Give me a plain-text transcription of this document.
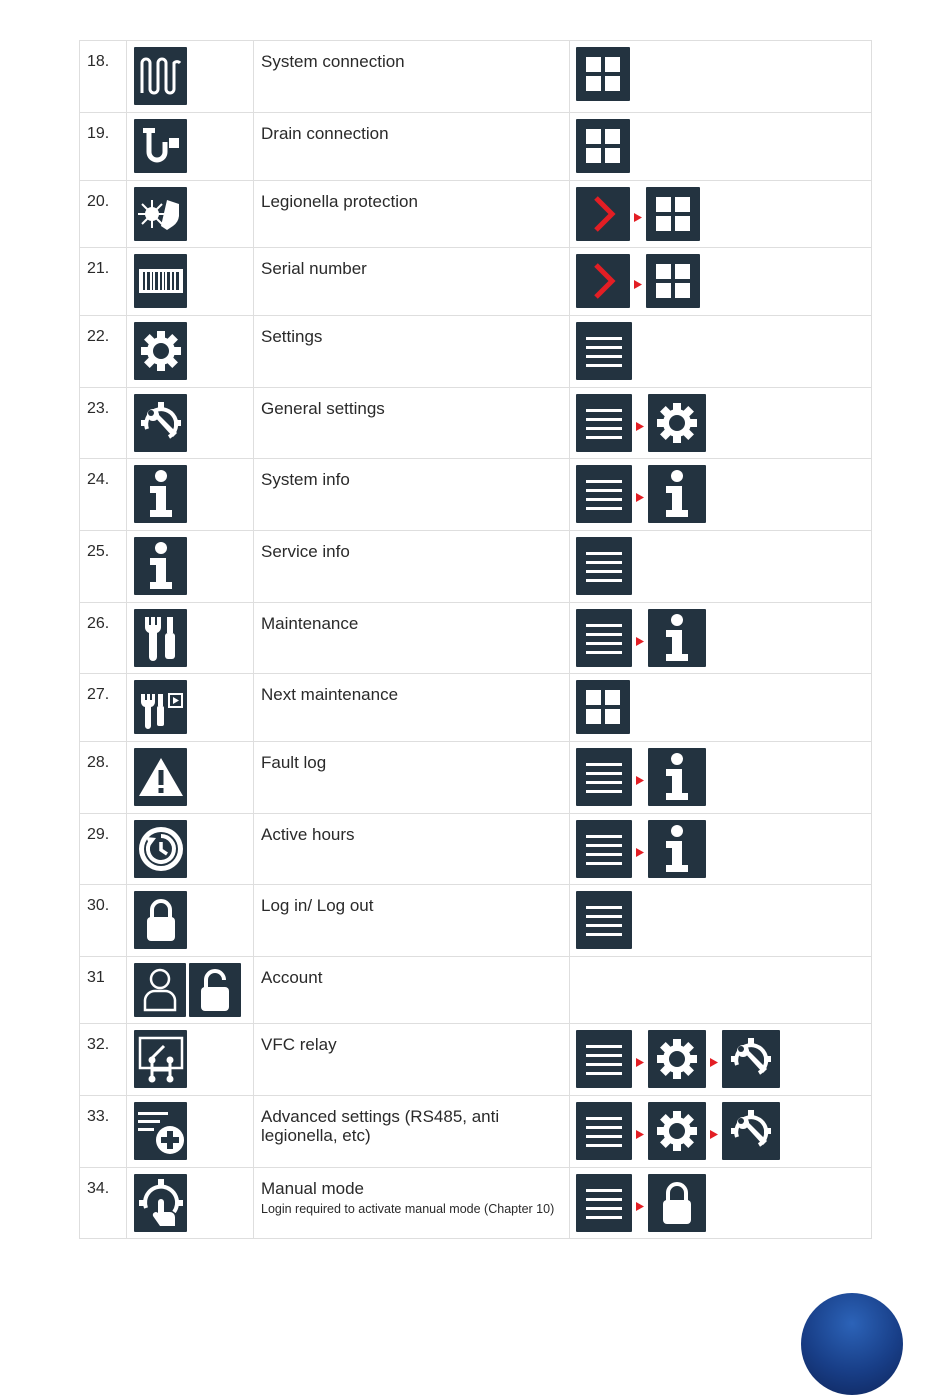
18.	System connection
19.	Drain connection
20.	Legionella protection
21.	Serial number
22.	Settings
23.	General settings
24.	System info
25.	Service info
26.	Maintenance
27.	Next maintenance
28.	Fault log
29.	Active hours
30.	Log in/ Log out
31	Account
32.	VFC relay
33.	Advanced settings (RS485, anti legionella, etc)
34.	Manual mode
Login required to activate manual mode (Chapter 10)
